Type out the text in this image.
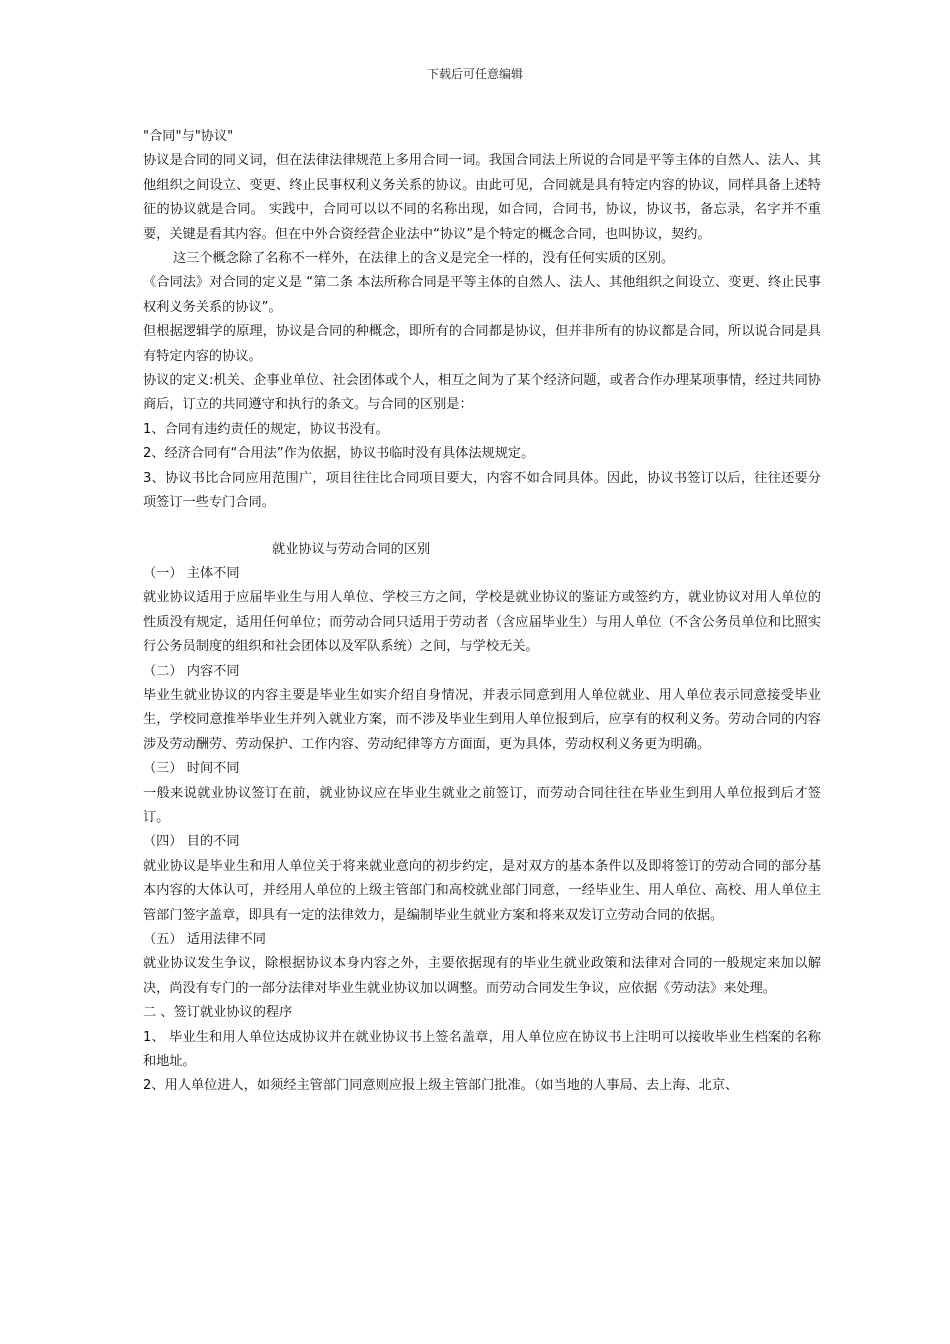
下载后可任意编辑

"合同"与"协议"

协议是合同的同义词，但在法律法律规范上多用合同一词。我国合同法上所说的合同是平等主体的自然人、法人、其他组织之间设立、变更、终止民事权利义务关系的协议。由此可见，合同就是具有特定内容的协议，同样具备上述特征的协议就是合同。 实践中，合同可以以不同的名称出现，如合同，合同书，协议，协议书，备忘录，名字并不重要，关键是看其内容。但在中外合资经营企业法中“协议”是个特定的概念合同，也叫协议，契约。

这三个概念除了名称不一样外，在法律上的含义是完全一样的，没有任何实质的区别。

《合同法》对合同的定义是 “第二条 本法所称合同是平等主体的自然人、法人、其他组织之间设立、变更、终止民事权利义务关系的协议”。

但根据逻辑学的原理，协议是合同的种概念，即所有的合同都是协议，但并非所有的协议都是合同，所以说合同是具有特定内容的协议。

协议的定义:机关、企事业单位、社会团体或个人，相互之间为了某个经济问题，或者合作办理某项事情，经过共同协商后，订立的共同遵守和执行的条文。与合同的区别是：

1、合同有违约责任的规定，协议书没有。

2、经济合同有“合用法”作为依据，协议书临时没有具体法规规定。

3、协议书比合同应用范围广，项目往往比合同项目要大，内容不如合同具体。因此，协议书签订以后，往往还要分项签订一些专门合同。

就业协议与劳动合同的区别

（一） 主体不同

就业协议适用于应届毕业生与用人单位、学校三方之间，学校是就业协议的鉴证方或签约方，就业协议对用人单位的性质没有规定，适用任何单位；而劳动合同只适用于劳动者（含应届毕业生）与用人单位（不含公务员单位和比照实行公务员制度的组织和社会团体以及军队系统）之间，与学校无关。

（二） 内容不同

毕业生就业协议的内容主要是毕业生如实介绍自身情况，并表示同意到用人单位就业、用人单位表示同意接受毕业生，学校同意推举毕业生并列入就业方案，而不涉及毕业生到用人单位报到后，应享有的权利义务。劳动合同的内容涉及劳动酬劳、劳动保护、工作内容、劳动纪律等方方面面，更为具体，劳动权利义务更为明确。

（三） 时间不同

一般来说就业协议签订在前，就业协议应在毕业生就业之前签订，而劳动合同往往在毕业生到用人单位报到后才签订。

（四） 目的不同

就业协议是毕业生和用人单位关于将来就业意向的初步约定，是对双方的基本条件以及即将签订的劳动合同的部分基本内容的大体认可，并经用人单位的上级主管部门和高校就业部门同意，一经毕业生、用人单位、高校、用人单位主管部门签字盖章，即具有一定的法律效力，是编制毕业生就业方案和将来双发订立劳动合同的依据。

（五） 适用法律不同

就业协议发生争议，除根据协议本身内容之外，主要依据现有的毕业生就业政策和法律对合同的一般规定来加以解决，尚没有专门的一部分法律对毕业生就业协议加以调整。而劳动合同发生争议，应依据《劳动法》来处理。

二 、签订就业协议的程序

1、 毕业生和用人单位达成协议并在就业协议书上签名盖章，用人单位应在协议书上注明可以接收毕业生档案的名称和地址。

2、用人单位进人，如须经主管部门同意则应报上级主管部门批准。（如当地的人事局、去上海、北京、
